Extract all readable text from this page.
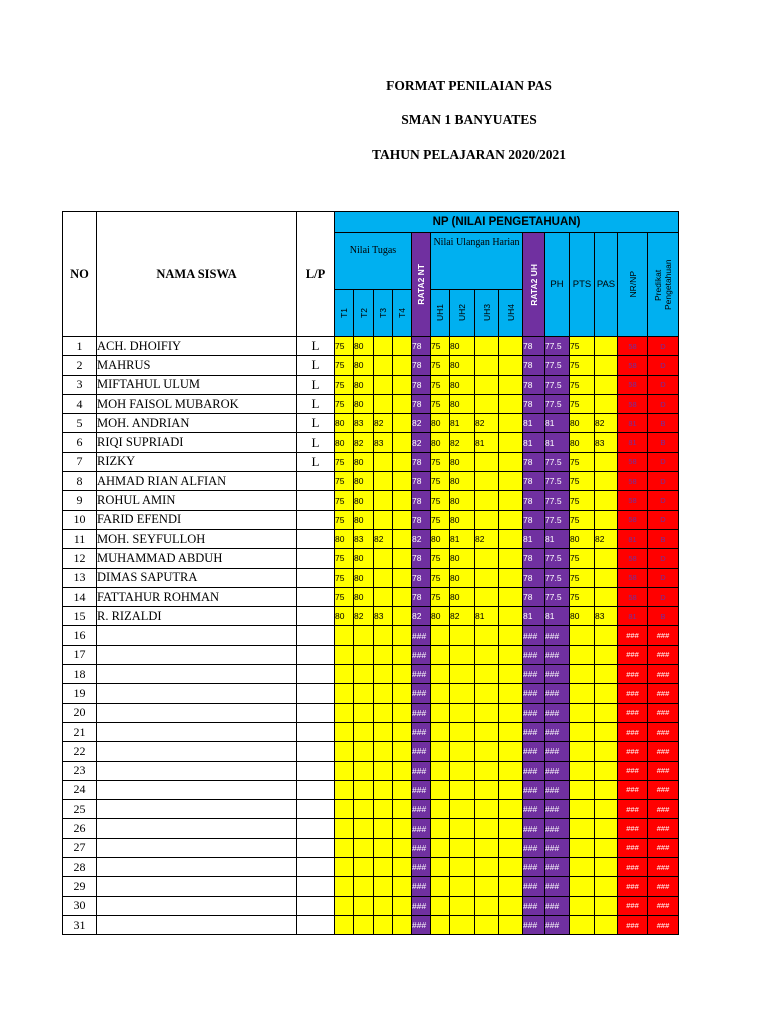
FORMAT PENILAIAN PAS
SMAN 1 BANYUATES
TAHUN PELAJARAN 2020/2021
NO	NAMA SISWA	L/P	NP (NILAI PENGETAHUAN)														

			Nilai Tugas				RATA2 NT	Nilai Ulangan Harian				RATA2 UH	PH	PTS	PAS	NR/NP	Predikat Pengetahuan

			T1	T2	T3	T4		UH1	UH2	UH3	UH4						

1	ACH. DHOIFIY	L	75	80			78	75	80			78	77.5	75		58	D
2	MAHRUS	L	75	80			78	75	80			78	77.5	75		58	D
3	MIFTAHUL ULUM	L	75	80			78	75	80			78	77.5	75		58	D
4	MOH FAISOL MUBAROK	L	75	80			78	75	80			78	77.5	75		58	D
5	MOH. ANDRIAN	L	80	83	82		82	80	81	82		81	81	80	82	81	B
6	RIQI SUPRIADI	L	80	82	83		82	80	82	81		81	81	80	83	81	B
7	RIZKY	L	75	80			78	75	80			78	77.5	75		58	D
8	AHMAD RIAN ALFIAN		75	80			78	75	80			78	77.5	75		58	D
9	ROHUL AMIN		75	80			78	75	80			78	77.5	75		58	D
10	FARID EFENDI		75	80			78	75	80			78	77.5	75		58	D
11	MOH. SEYFULLOH		80	83	82		82	80	81	82		81	81	80	82	81	B
12	MUHAMMAD ABDUH		75	80			78	75	80			78	77.5	75		58	D
13	DIMAS SAPUTRA		75	80			78	75	80			78	77.5	75		58	D
14	FATTAHUR ROHMAN		75	80			78	75	80			78	77.5	75		58	D
15	R. RIZALDI		80	82	83		82	80	82	81		81	81	80	83	81	B
16							###					###	###			###	###
17							###					###	###			###	###
18							###					###	###			###	###
19							###					###	###			###	###
20							###					###	###			###	###
21							###					###	###			###	###
22							###					###	###			###	###
23							###					###	###			###	###
24							###					###	###			###	###
25							###					###	###			###	###
26							###					###	###			###	###
27							###					###	###			###	###
28							###					###	###			###	###
29							###					###	###			###	###
30							###					###	###			###	###
31							###					###	###			###	###
